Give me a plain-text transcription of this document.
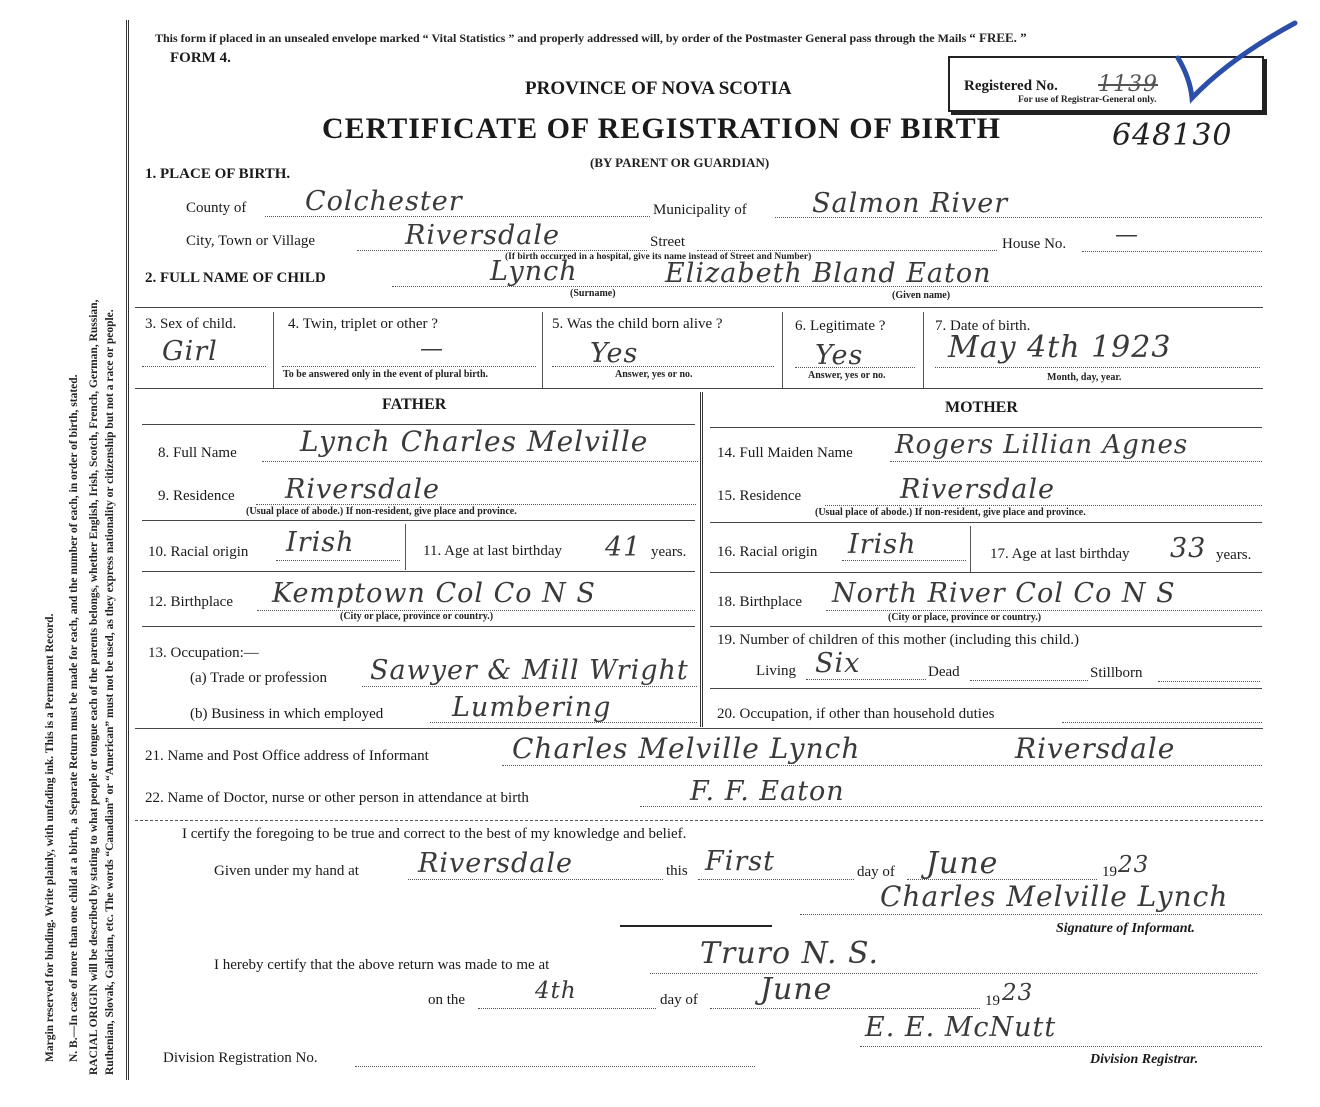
Margin reserved for binding. Write plainly, with unfading ink. This is a Permanent Record. N. B.—In case of more than one child at a birth, a Separate Return must be made for each, and the number of each, in order of birth, stated. RACIAL ORIGIN will be described by stating to what people or tongue each of the parents belongs, whether English, Irish, Scotch, French, German, Russian, Ruthenian, Slovak, Galician, etc. The words “Canadian” or “American” must not be used, as they express nationality or citizenship but not a race or people.
This form if placed in an unsealed envelope marked “ Vital Statistics ” and properly addressed will, by order of the Postmaster General pass through the Mails “ FREE. ”
FORM 4.
PROVINCE OF NOVA SCOTIA
CERTIFICATE OF REGISTRATION OF BIRTH
(BY PARENT OR GUARDIAN)
Registered No. 1139
For use of Registrar-General only.
648130
1. PLACE OF BIRTH.
County of Colchester	Municipality of Salmon River
City, Town or Village	Riversdale	Street
(If birth occurred in a hospital, give its name instead of Street and Number)
House No. —
2. FULL NAME OF CHILD	Lynch	Elizabeth Bland Eaton
(Surname)	(Given name)
3. Sex of child.
Girl
4. Twin, triplet or other ?
—
To be answered only in the event of plural birth.
5. Was the child born alive ?
Yes
Answer, yes or no.
6. Legitimate ?
Yes
Answer, yes or no.
7. Date of birth.
May 4th 1923
Month, day, year.
FATHER	MOTHER
8. Full Name Lynch Charles Melville
9. Residence Riversdale
(Usual place of abode.) If non-resident, give place and province.
10. Racial origin Irish	11. Age at last birthday 41 years.
12. Birthplace Kemptown Col Co N S
(City or place, province or country.)
13. Occupation:—
(a) Trade or profession Sawyer & Mill Wright
(b) Business in which employed	Lumbering
14. Full Maiden Name Rogers Lillian Agnes
15. Residence	Riversdale
(Usual place of abode.) If non-resident, give place and province.
16. Racial origin Irish	17. Age at last birthday 33 years.
18. Birthplace North River Col Co N S
(City or place, province or country.)
19. Number of children of this mother (including this child.)
Living Six	Dead	Stillborn
20. Occupation, if other than household duties
21. Name and Post Office address of Informant	Charles Melville Lynch	Riversdale
22. Name of Doctor, nurse or other person in attendance at birth	F. F. Eaton
I certify the foregoing to be true and correct to the best of my knowledge and belief.
Given under my hand at Riversdale	this First	day of June	19 23
Charles Melville Lynch
Signature of Informant.
I hereby certify that the above return was made to me at	Truro N. S.
on the	4th	day of June	19 23
E. E. McNutt
Division Registration No.	Division Registrar.
